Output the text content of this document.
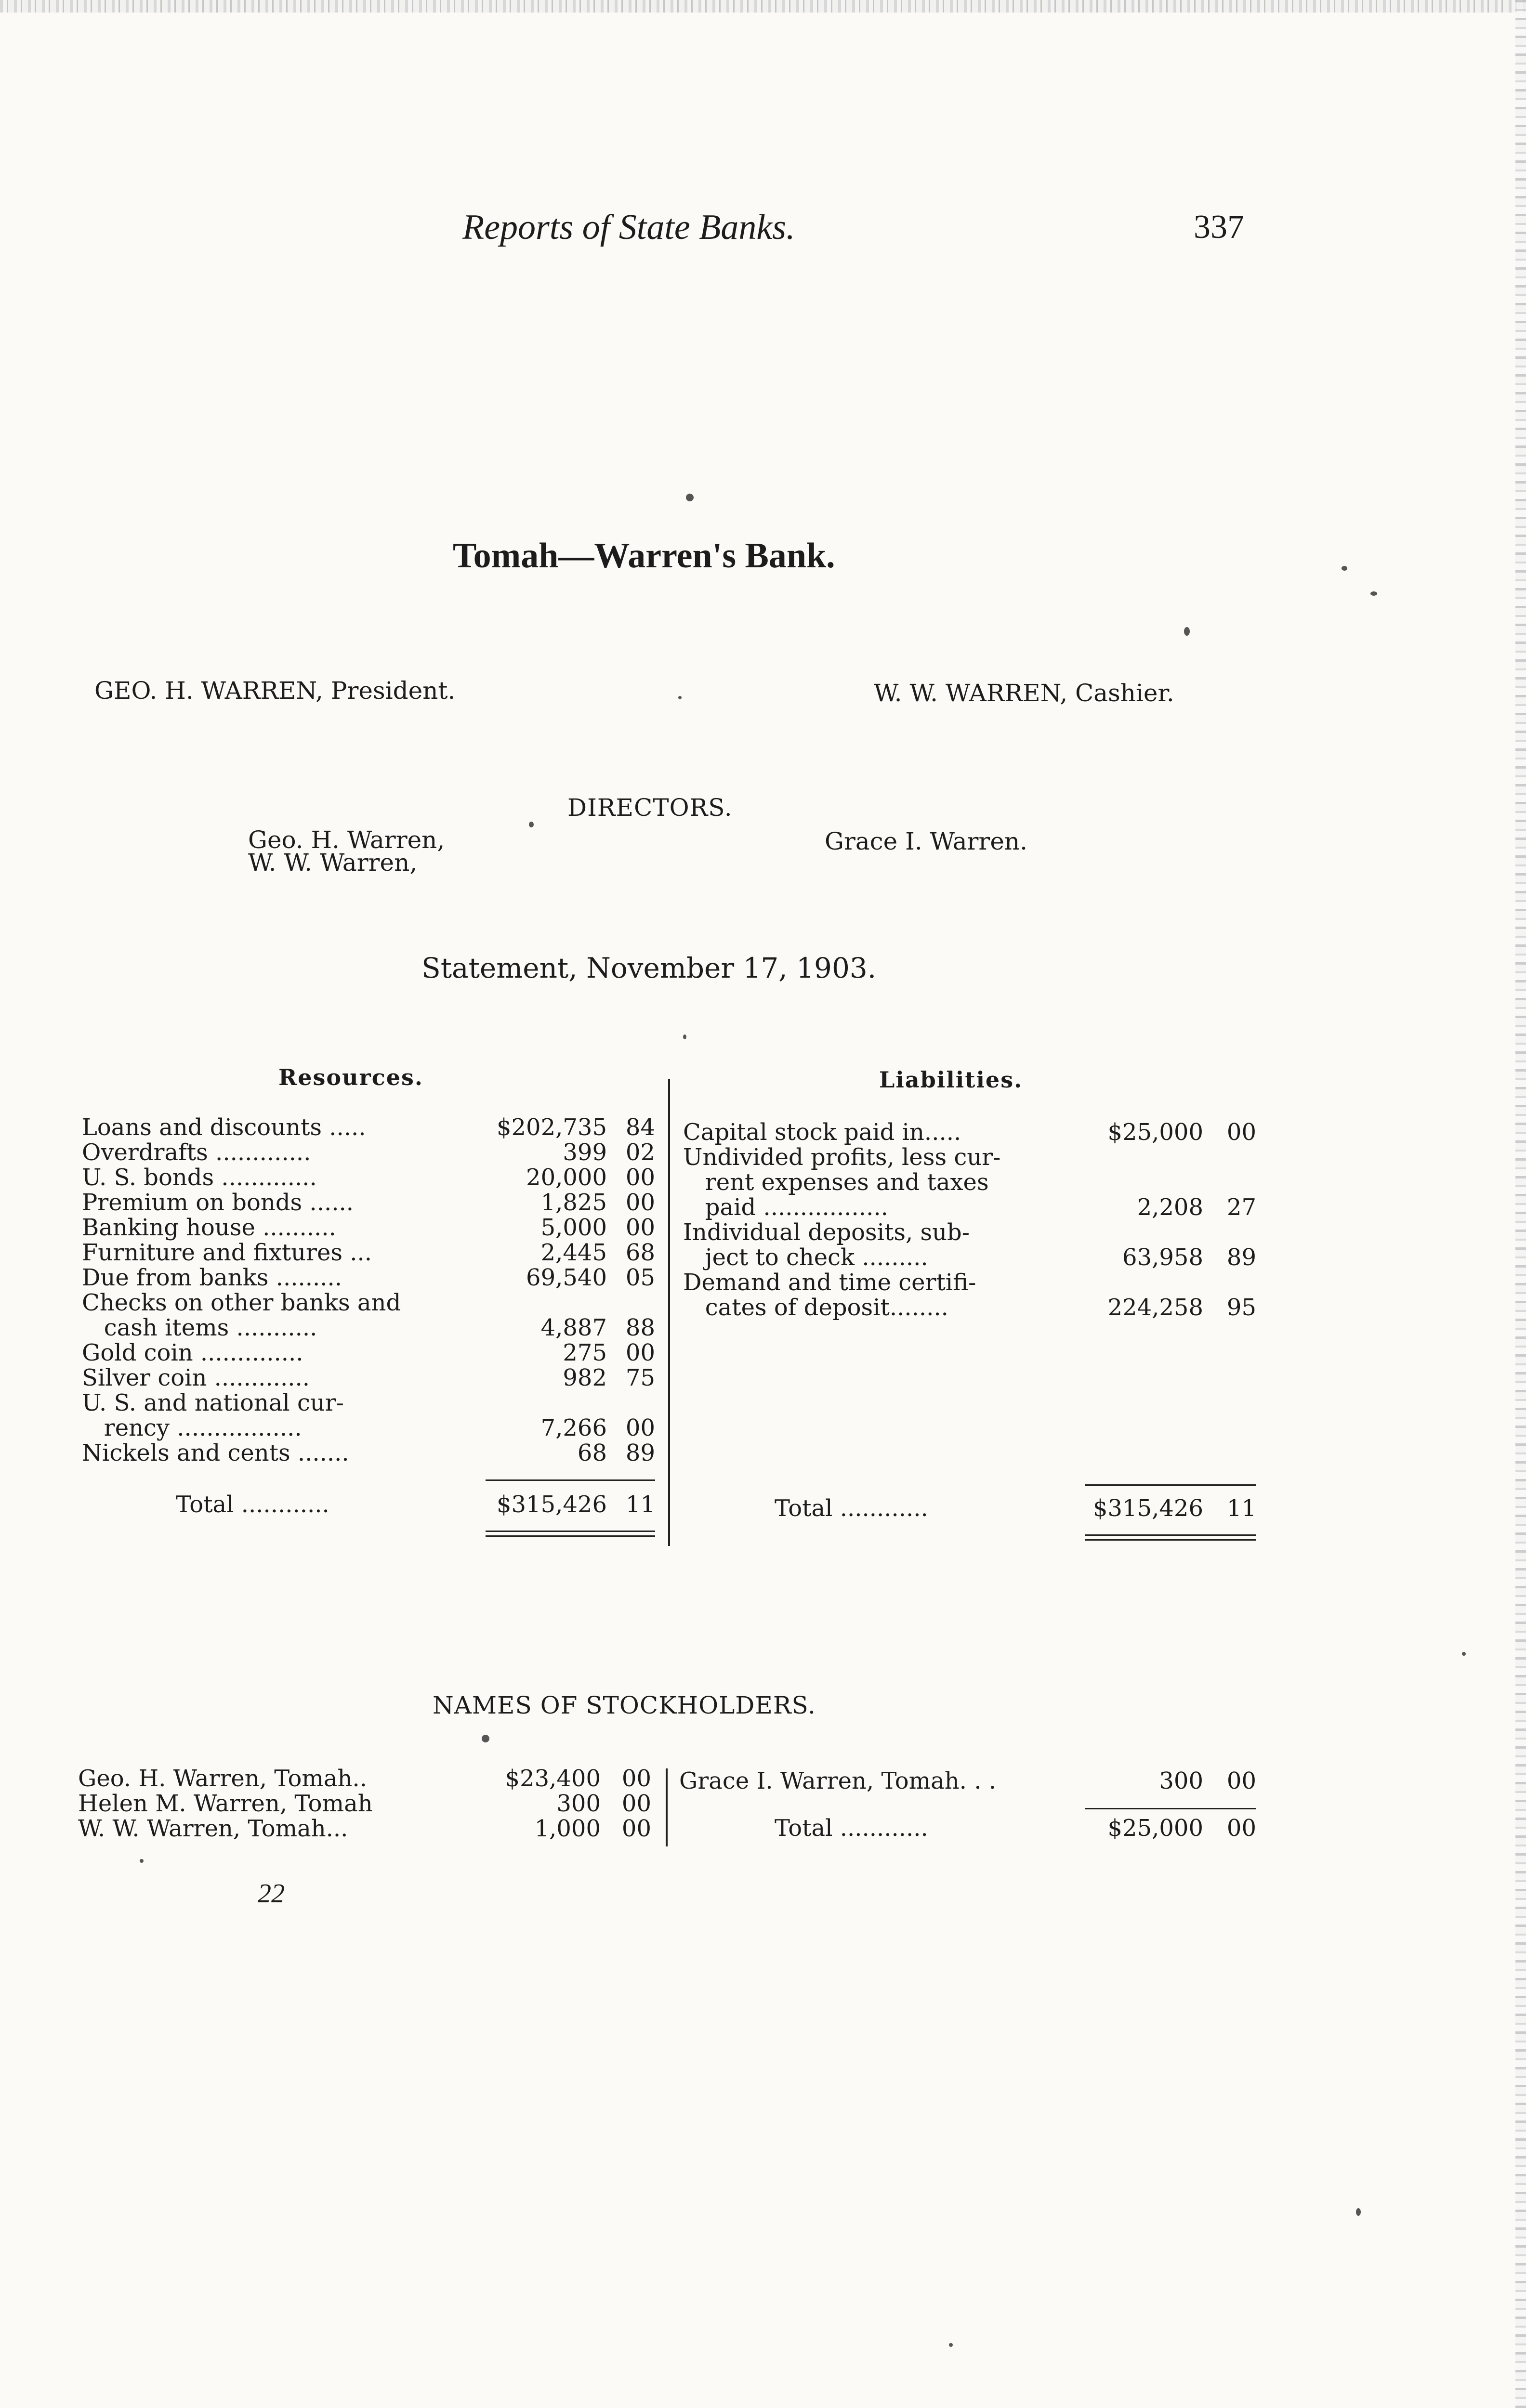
Reports of State Banks.	337
Tomah—Warren's Bank.
GEO. H. WARREN, President.	W. W. WARREN, Cashier.
DIRECTORS.
Geo. H. Warren,
W. W. Warren,
Grace I. Warren.
Statement, November 17, 1903.
Resources.	Liabilities.
Loans and discounts .....	$202,735 84
Overdrafts .............	399 02
U. S. bonds .............	20,000 00
Premium on bonds ......	1,825 00
Banking house ..........	5,000 00
Furniture and fixtures ...	2,445 68
Due from banks .........	69,540 05
Checks on other banks and
cash items ...........	4,887 88
Gold coin ..............	275 00
Silver coin .............	982 75
U. S. and national cur-
rency .................	7,266 00
Nickels and cents .......	68 89
Total ............	$315,426 11
Capital stock paid in.....	$25,000 00
Undivided profits, less cur-
rent expenses and taxes
paid .................	2,208 27
Individual deposits, sub-
ject to check .........	63,958 89
Demand and time certifi-
cates of deposit........	224,258 95
Total ............	$315,426 11
NAMES OF STOCKHOLDERS.
Geo. H. Warren, Tomah..	$23,400 00
Helen M. Warren, Tomah	300 00
W. W. Warren, Tomah...	1,000 00
Grace I. Warren, Tomah. . .	300 00
Total ............	$25,000 00
22
